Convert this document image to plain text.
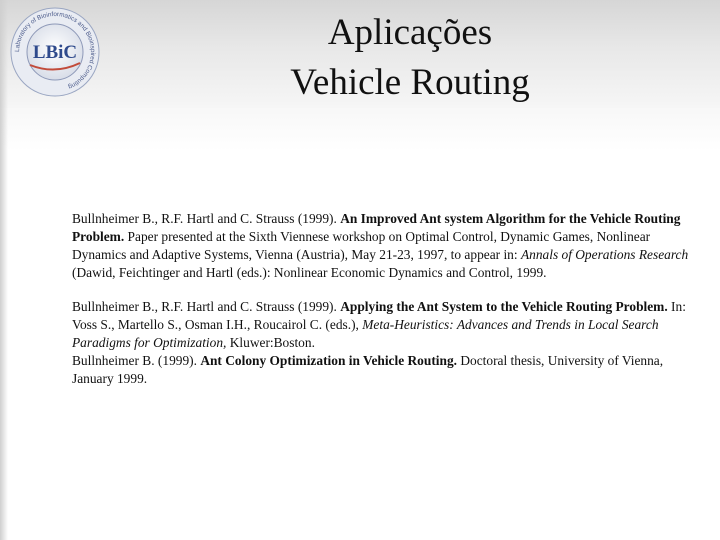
Laboratory of Bioinformatics and Bioinspired Computing
LBiC	Aplicações
Vehicle Routing

Bullnheimer B., R.F. Hartl and C. Strauss (1999). An Improved Ant system Algorithm for the Vehicle Routing Problem. Paper presented at the Sixth Viennese workshop on Optimal Control, Dynamic Games, Nonlinear Dynamics and Adaptive Systems, Vienna (Austria), May 21-23, 1997, to appear in: Annals of Operations Research (Dawid, Feichtinger and Hartl (eds.): Nonlinear Economic Dynamics and Control, 1999.

Bullnheimer B., R.F. Hartl and C. Strauss (1999). Applying the Ant System to the Vehicle Routing Problem. In: Voss S., Martello S., Osman I.H., Roucairol C. (eds.), Meta-Heuristics: Advances and Trends in Local Search Paradigms for Optimization, Kluwer:Boston.

Bullnheimer B. (1999). Ant Colony Optimization in Vehicle Routing. Doctoral thesis, University of Vienna, January 1999.
